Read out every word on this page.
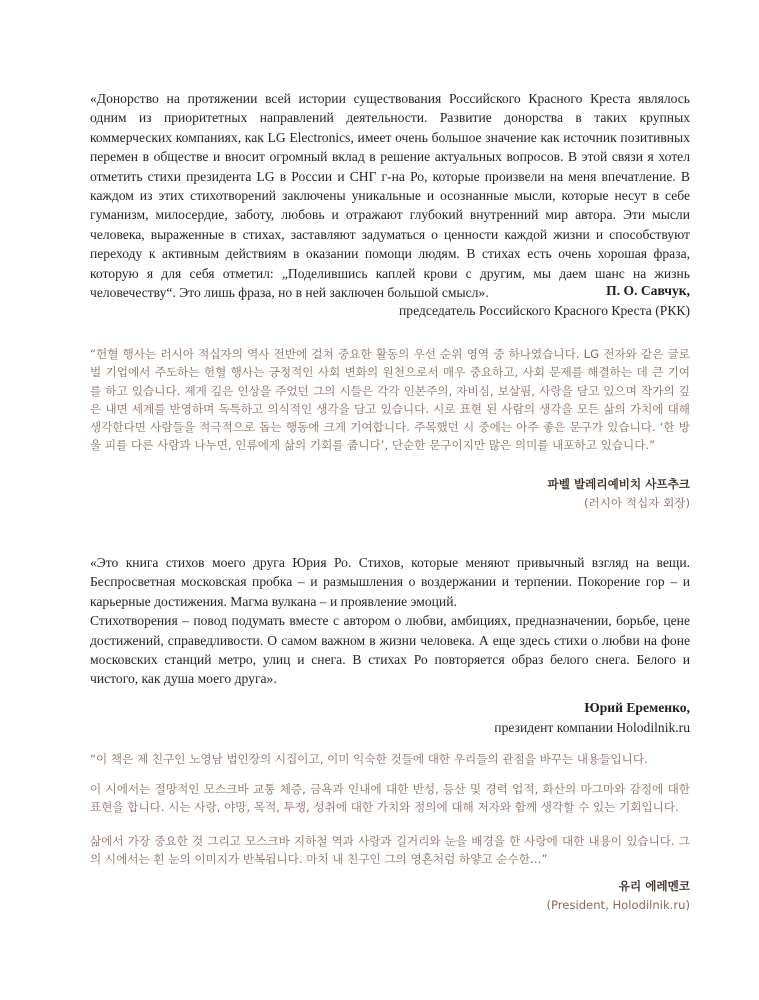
«Донорство на протяжении всей истории существования Российского Красного Креста являлось одним из приоритетных направлений деятельности. Развитие донорства в таких крупных коммерческих компаниях, как LG Electronics, имеет очень большое значение как источник позитивных перемен в обществе и вносит огромный вклад в решение актуальных вопросов. В этой связи я хотел отметить стихи президента LG в России и СНГ г-на Ро, которые произвели на меня впечатление. В каждом из этих стихотворений заключены уникальные и осознанные мысли, которые несут в себе гуманизм, милосердие, заботу, любовь и отражают глубокий внутренний мир автора. Эти мысли человека, выраженные в стихах, заставляют задуматься о ценности каждой жизни и способствуют переходу к активным действиям в оказании помощи людям. В стихах есть очень хорошая фраза, которую я для себя отметил: „Поделившись каплей крови с другим, мы даем шанс на жизнь человечеству“. Это лишь фраза, но в ней заключен большой смысл».	П. О. Савчук,
председатель Российского Красного Креста (РКК)

“헌혈 행사는 러시아 적십자의 역사 전반에 걸쳐 중요한 활동의 우선 순위 영역 중 하나였습니다. LG 전자와 같은 글로벌 기업에서 주도하는 헌혈 행사는 긍정적인 사회 변화의 원천으로서 매우 중요하고, 사회 문제를 해결하는 데 큰 기여를 하고 있습니다. 제게 깊은 인상을 주었던 그의 시들은 각각 인본주의, 자비심, 보살핌, 사랑을 담고 있으며 작가의 깊은 내면 세계를 반영하며 독특하고 의식적인 생각을 담고 있습니다. 시로 표현 된 사람의 생각을 모든 삶의 가치에 대해 생각한다면 사람들을 적극적으로 돕는 행동에 크게 기여합니다. 주목했던 시 중에는 아주 좋은 문구가 있습니다. ‘한 방울 피를 다른 사람과 나누면, 인류에게 삶의 기회를 줍니다’, 단순한 문구이지만 많은 의미를 내포하고 있습니다.”

파벨 발레리예비치 사프추크
(러시아 적십자 회장)

«Это книга стихов моего друга Юрия Ро. Стихов, которые меняют привычный взгляд на вещи. Беспросветная московская пробка – и размышления о воздержании и терпении. Покорение гор – и карьерные достижения. Магма вулкана – и проявление эмоций.

Стихотворения – повод подумать вместе с автором о любви, амбициях, предназначении, борьбе, цене достижений, справедливости. О самом важном в жизни человека. А еще здесь стихи о любви на фоне московских станций метро, улиц и снега. В стихах Ро повторяется образ белого снега. Белого и чистого, как душа моего друга».

Юрий Еременко,
президент компании Holodilnik.ru

“이 책은 제 친구인 노영남 법인장의 시집이고, 이미 익숙한 것들에 대한 우리들의 관점을 바꾸는 내용들입니다.

이 시에서는 절망적인 모스크바 교통 체증, 금욕과 인내에 대한 반성, 등산 및 경력 업적, 화산의 마그마와 감정에 대한 표현을 합니다. 시는 사랑, 야망, 목적, 투쟁, 성취에 대한 가치와 정의에 대해 저자와 함께 생각할 수 있는 기회입니다.

삶에서 가장 중요한 것 그리고 모스크바 지하철 역과 사랑과 길거리와 눈을 배경을 한 사랑에 대한 내용이 있습니다. 그의 시에서는 흰 눈의 이미지가 반복됩니다. 마치 내 친구인 그의 영혼처럼 하얗고 순수한…”

유리 에레멘코
(President, Holodilnik.ru)
